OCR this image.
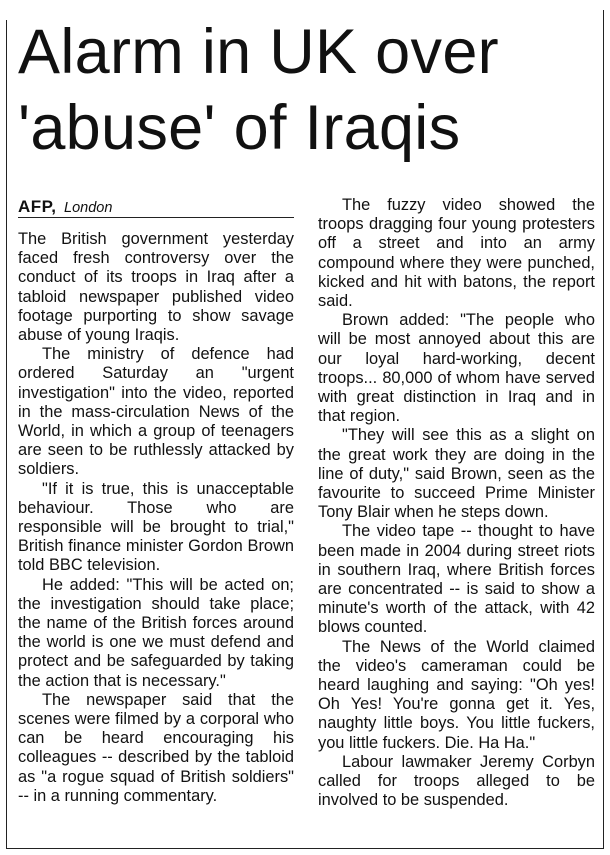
Alarm in UK over 'abuse' of Iraqis
AFP, London

The British government yesterday faced fresh controversy over the conduct of its troops in Iraq after a tabloid newspaper published video footage purporting to show savage abuse of young Iraqis.

The ministry of defence had ordered Saturday an "urgent investigation" into the video, reported in the mass-circulation News of the World, in which a group of teenagers are seen to be ruthlessly attacked by soldiers.

"If it is true, this is unacceptable behaviour. Those who are responsible will be brought to trial," British finance minister Gordon Brown told BBC television.

He added: "This will be acted on; the investigation should take place; the name of the British forces around the world is one we must defend and protect and be safeguarded by taking the action that is necessary."

The newspaper said that the scenes were filmed by a corporal who can be heard encouraging his colleagues -- described by the tabloid as "a rogue squad of British soldiers" -- in a running commentary.

The fuzzy video showed the troops dragging four young protesters off a street and into an army compound where they were punched, kicked and hit with batons, the report said.

Brown added: "The people who will be most annoyed about this are our loyal hard-working, decent troops... 80,000 of whom have served with great distinction in Iraq and in that region.

"They will see this as a slight on the great work they are doing in the line of duty," said Brown, seen as the favourite to succeed Prime Minister Tony Blair when he steps down.

The video tape -- thought to have been made in 2004 during street riots in southern Iraq, where British forces are concentrated -- is said to show a minute's worth of the attack, with 42 blows counted.

The News of the World claimed the video's cameraman could be heard laughing and saying: "Oh yes! Oh Yes! You're gonna get it. Yes, naughty little boys. You little fuckers, you little fuckers. Die. Ha Ha."

Labour lawmaker Jeremy Corbyn called for troops alleged to be involved to be suspended.
